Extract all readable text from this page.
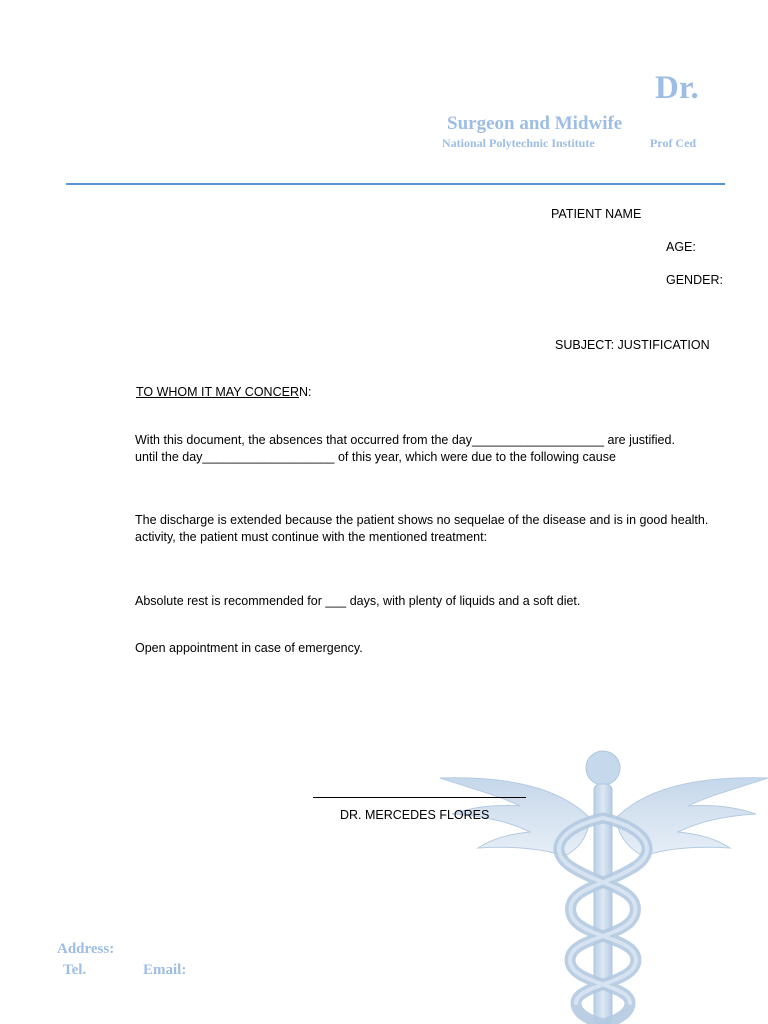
Dr.
Surgeon and Midwife
National Polytechnic Institute	Prof Ced
PATIENT NAME
AGE:
GENDER:
SUBJECT: JUSTIFICATION
TO WHOM IT MAY CONCERN:
With this document, the absences that occurred from the day___________________ are justified.
until the day___________________ of this year, which were due to the following cause
The discharge is extended because the patient shows no sequelae of the disease and is in good health.
activity, the patient must continue with the mentioned treatment:
Absolute rest is recommended for ___ days, with plenty of liquids and a soft diet.
Open appointment in case of emergency.
DR. MERCEDES FLORES
Address:
Tel.	Email:
